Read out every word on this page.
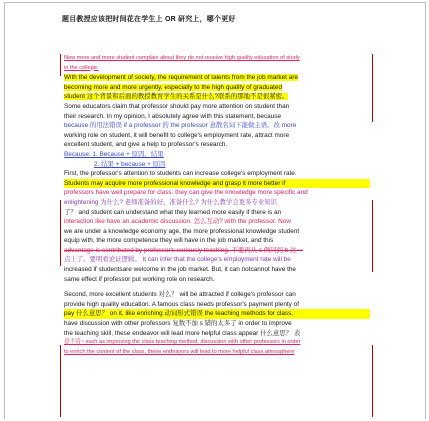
题目教授应该把时间花在学生上 OR 研究上，哪个更好

Now more and more student complain about they do not receive high quality education of study

in the college.

With the development of society, the requirement of talents from the job market are

becoming more and more urgently, especially to the high quality of graduated

student 这个背景和后面的教授教育学生的关系是什么?联系的那地不是很紧密。

Some educators claim that professor should pay more attention on student than

their research. In my opinion, I absolutely agree with this statement, because

because 的用法错误 if a professor 的 the professor 意散名词下能做主语。改 more

working role on student, it will benefit to college's employment rate, attract more

excellent student, and give a help to professor's research.

Because: 1. Because + 原因，结果

2. 结果 + because + 原因

First, the professor's attention to students can increase college's employment rate.

Students may acquire more professional knowledge and grasp it more better if

professors have well prepare for class. they can give the knowledge more specific and

enlightening 为什么? 老师准备的好，准备什么? 为什么教学会更多专业知识

了？ and student can understand what they learned more easily if there is an

interaction like have an academic discussion. 怎么互动? with the professor. Now

we are under a knowledge economy age, the more professional knowledge student

equip with, the more competence they will have in the job market, and this

advantage is contributed by professor's seriously teaching. 不要再从 c 例同到 b 这一

点上了。要明看论证逻辑。 It can infer that the college's employment rate will be

increased if studentsare welcome in the job market. But, it can notcannot have the

same effect if professor put working role on research.

Second, more excellent students 对么？ will be attracted if college's professor can

provide high quality education. A famous class needs professor's payment plenty of

pay 什么意思？ on it, like enriching 动词形式错误 the teaching methods for class,

have discussion with other professors 复数不加 s 错的太多了 in order to improve

the teaching skill, these endeavor will lead more helpful class appear 什么意思？ 表

意不清~ such as improving the class teaching method, discussion with other professors in order

to enrich the content of the class, these endeavors will lead to more helpful class atmosphere
